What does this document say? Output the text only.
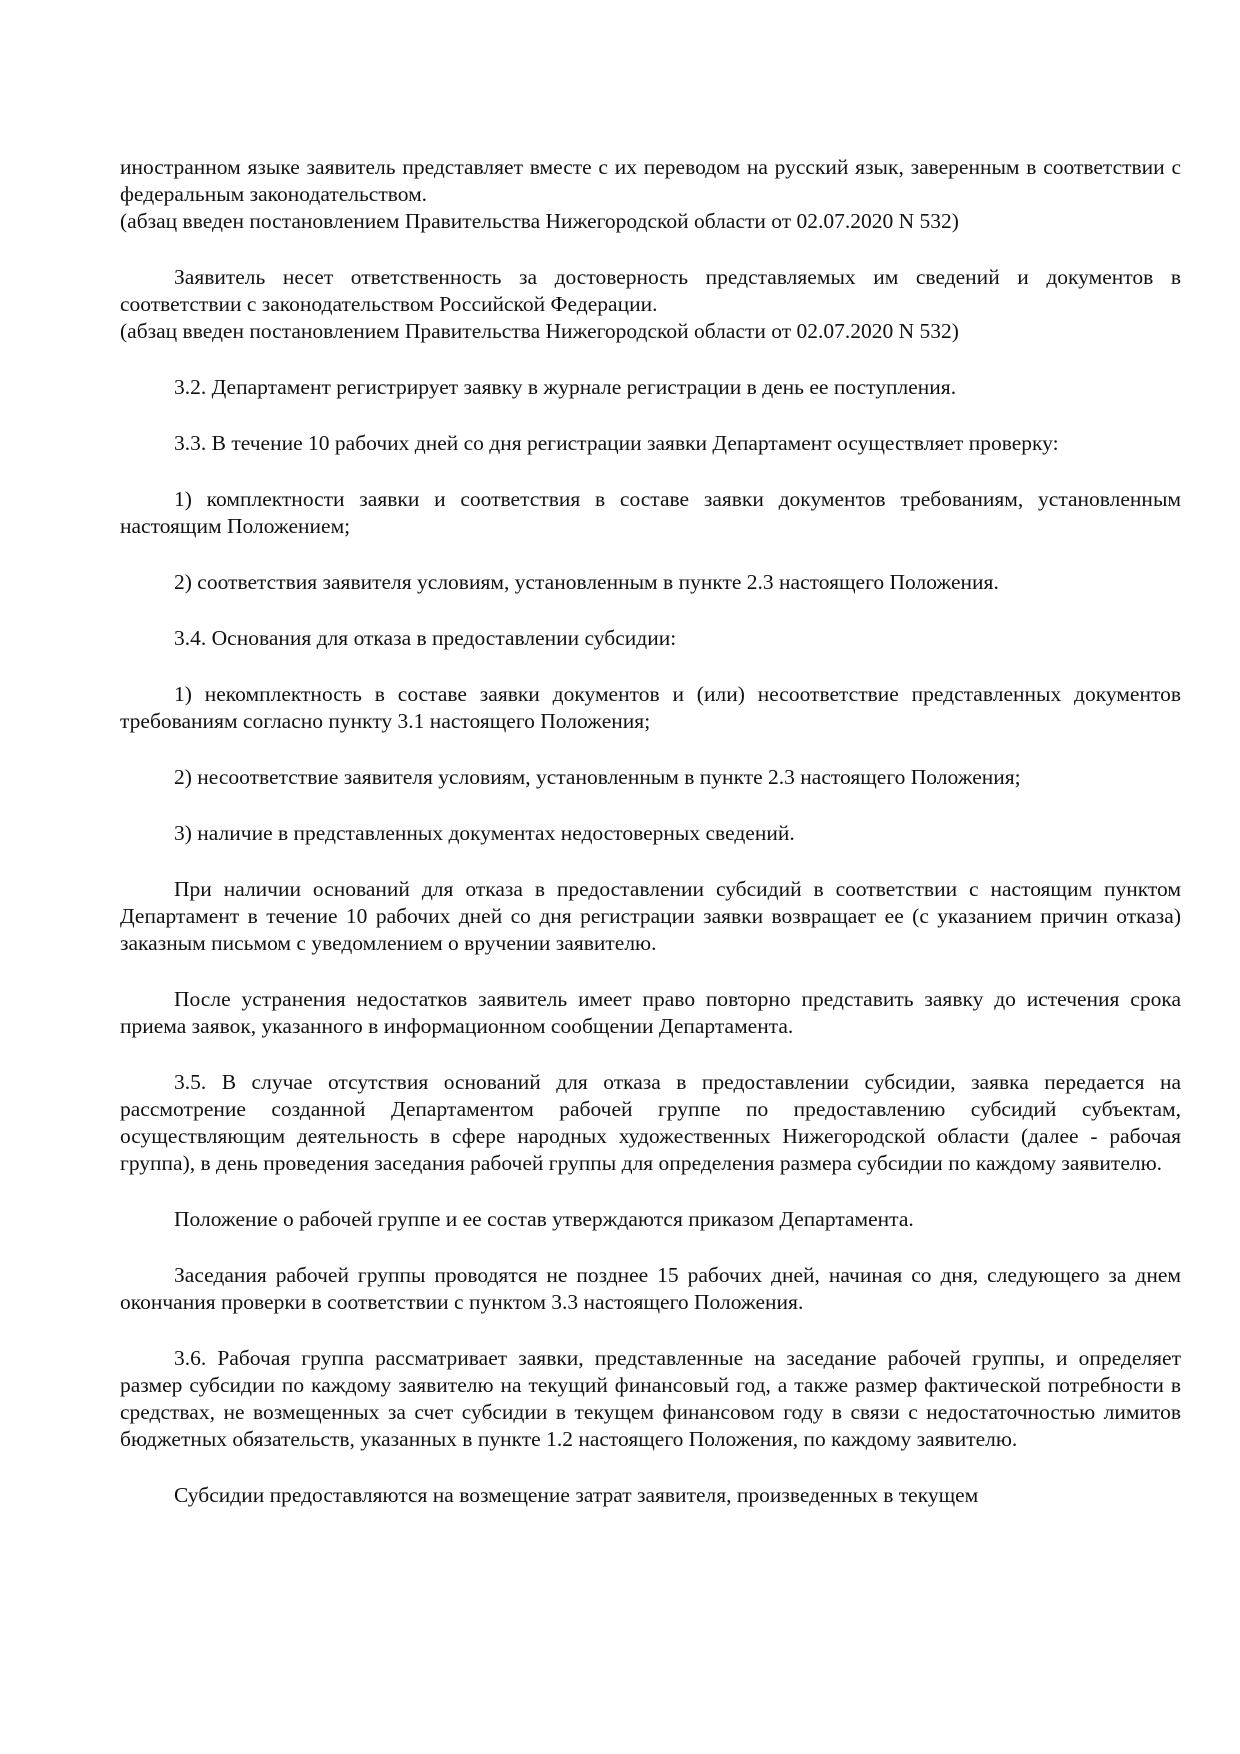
иностранном языке заявитель представляет вместе с их переводом на русский язык, заверенным в соответствии с федеральным законодательством.

(абзац введен постановлением Правительства Нижегородской области от 02.07.2020 N 532)

Заявитель несет ответственность за достоверность представляемых им сведений и документов в соответствии с законодательством Российской Федерации.

(абзац введен постановлением Правительства Нижегородской области от 02.07.2020 N 532)

3.2. Департамент регистрирует заявку в журнале регистрации в день ее поступления.

3.3. В течение 10 рабочих дней со дня регистрации заявки Департамент осуществляет проверку:

1) комплектности заявки и соответствия в составе заявки документов требованиям, установленным настоящим Положением;

2) соответствия заявителя условиям, установленным в пункте 2.3 настоящего Положения.

3.4. Основания для отказа в предоставлении субсидии:

1) некомплектность в составе заявки документов и (или) несоответствие представленных документов требованиям согласно пункту 3.1 настоящего Положения;

2) несоответствие заявителя условиям, установленным в пункте 2.3 настоящего Положения;

3) наличие в представленных документах недостоверных сведений.

При наличии оснований для отказа в предоставлении субсидий в соответствии с настоящим пунктом Департамент в течение 10 рабочих дней со дня регистрации заявки возвращает ее (с указанием причин отказа) заказным письмом с уведомлением о вручении заявителю.

После устранения недостатков заявитель имеет право повторно представить заявку до истечения срока приема заявок, указанного в информационном сообщении Департамента.

3.5. В случае отсутствия оснований для отказа в предоставлении субсидии, заявка передается на рассмотрение созданной Департаментом рабочей группе по предоставлению субсидий субъектам, осуществляющим деятельность в сфере народных художественных Нижегородской области (далее - рабочая группа), в день проведения заседания рабочей группы для определения размера субсидии по каждому заявителю.

Положение о рабочей группе и ее состав утверждаются приказом Департамента.

Заседания рабочей группы проводятся не позднее 15 рабочих дней, начиная со дня, следующего за днем окончания проверки в соответствии с пунктом 3.3 настоящего Положения.

3.6. Рабочая группа рассматривает заявки, представленные на заседание рабочей группы, и определяет размер субсидии по каждому заявителю на текущий финансовый год, а также размер фактической потребности в средствах, не возмещенных за счет субсидии в текущем финансовом году в связи с недостаточностью лимитов бюджетных обязательств, указанных в пункте 1.2 настоящего Положения, по каждому заявителю.

Субсидии предоставляются на возмещение затрат заявителя, произведенных в текущем
